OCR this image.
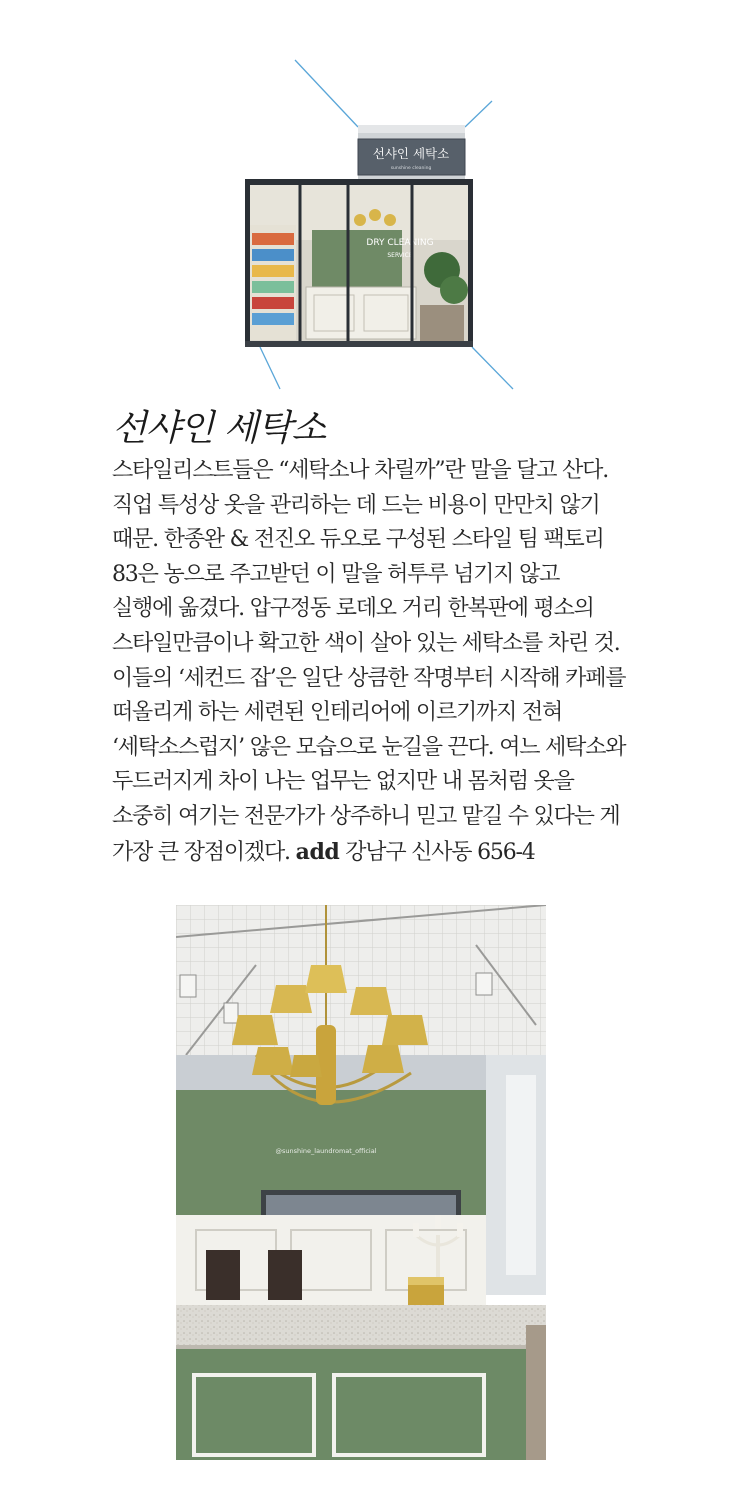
선샤인 세탁소
sunshine cleaning
DRY CLEANING
SERVICE
선샤인 세탁소
스타일리스트들은 “세탁소나 차릴까”란 말을 달고 산다.
직업 특성상 옷을 관리하는 데 드는 비용이 만만치 않기
때문. 한종완 & 전진오 듀오로 구성된 스타일 팀 팩토리
83은 농으로 주고받던 이 말을 허투루 넘기지 않고
실행에 옮겼다. 압구정동 로데오 거리 한복판에 평소의
스타일만큼이나 확고한 색이 살아 있는 세탁소를 차린 것.
이들의 ‘세컨드 잡’은 일단 상큼한 작명부터 시작해 카페를
떠올리게 하는 세련된 인테리어에 이르기까지 전혀
‘세탁소스럽지’ 않은 모습으로 눈길을 끈다. 여느 세탁소와
두드러지게 차이 나는 업무는 없지만 내 몸처럼 옷을
소중히 여기는 전문가가 상주하니 믿고 맡길 수 있다는 게
가장 큰 장점이겠다. add 강남구 신사동 656-4
@sunshine_laundromat_official
